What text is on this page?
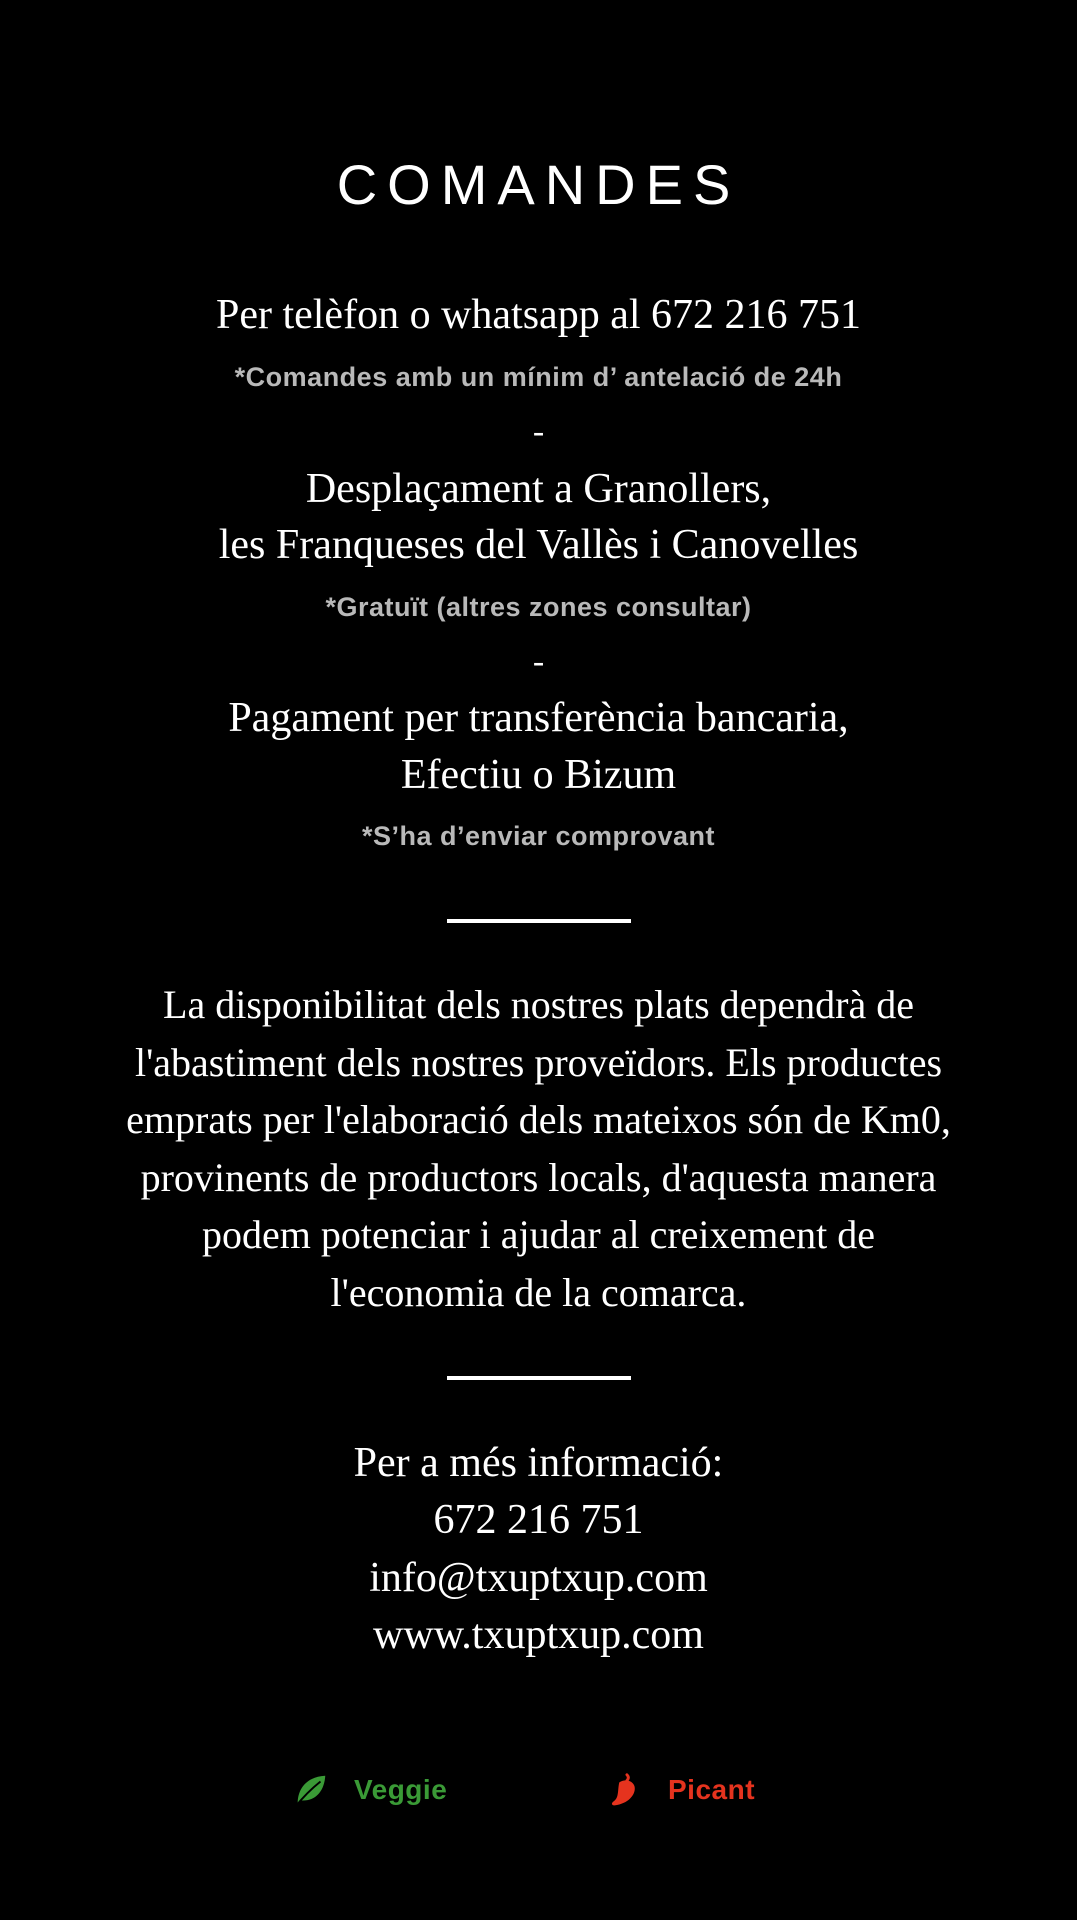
COMANDES
Per telèfon o whatsapp al 672 216 751
*Comandes amb un mínim d’ antelació de 24h
-
Desplaçament a Granollers,
les Franqueses del Vallès i Canovelles
*Gratuït (altres zones consultar)
-
Pagament per transferència bancaria,
Efectiu o Bizum
*S’ha d’enviar comprovant
La disponibilitat dels nostres plats dependrà de
l'abastiment dels nostres proveïdors. Els productes
emprats per l'elaboració dels mateixos són de Km0,
provinents de productors locals, d'aquesta manera
podem potenciar i ajudar al creixement de
l'economia de la comarca.
Per a més informació:
672 216 751
info@txuptxup.com
www.txuptxup.com
Veggie	Picant
